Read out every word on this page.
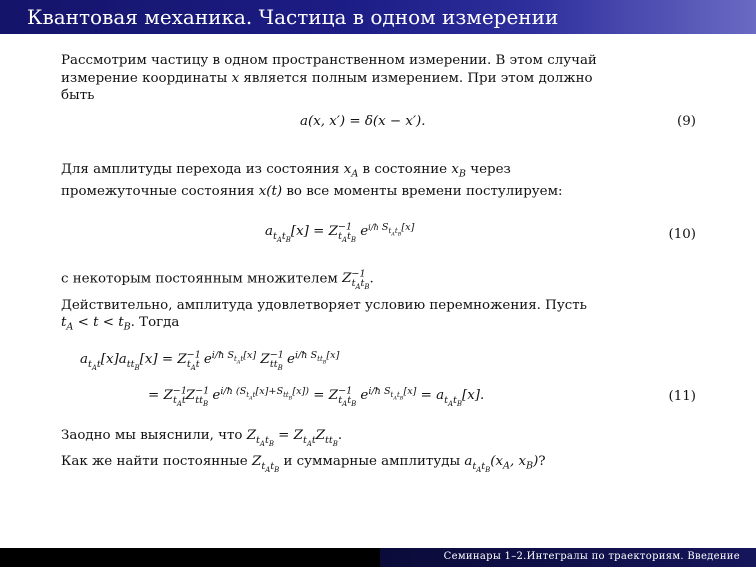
Квантовая механика. Частица в одном измерении
Рассмотрим частицу в одном пространственном измерении. В этом случай
измерение координаты x является полным измерением. При этом должно
быть
a(x, x′) = δ(x − x′).	(9)
Для амплитуды перехода из состояния $x_A$ в состояние $x_B$ через
промежуточные состояния x(t) во все моменты времени постулируем:
$a_{t_At_B}[x] = Z^{-1}_{t_At_B}$ $e^{i/ħ S_{t_At_B}[x]}$	(10)
с некоторым постоянным множителем $Z^{-1}_{t_At_B}$.
Действительно, амплитуда удовлетворяет условию перемножения. Пусть
$t_A < t < t_B$. Тогда
$a_{t_At}[x]a_{tt_B}[x] = Z^{-1}_{t_At}$ $e^{i/ħ S_{t_At}[x]}$ $Z^{-1}_{tt_B}$ $e^{i/ħ S_{tt_B}[x]}$
= $Z^{-1}_{t_At}Z^{-1}_{tt_B}$ $e^{i/ħ (S_{t_At}[x]+S_{tt_B}[x])} = Z^{-1}_{t_At_B}$ $e^{i/ħ S_{t_At_B}[x]} = a_{t_At_B}[x]$.	(11)
Заодно мы выяснили, что $Z_{t_At_B} = Z_{t_At}Z_{tt_B}$.
Как же найти постоянные $Z_{t_At_B}$ и суммарные амплитуды $a_{t_At_B}(x_A$, $x_B$)?
Семинары 1–2.Интегралы по траекториям. Введение
